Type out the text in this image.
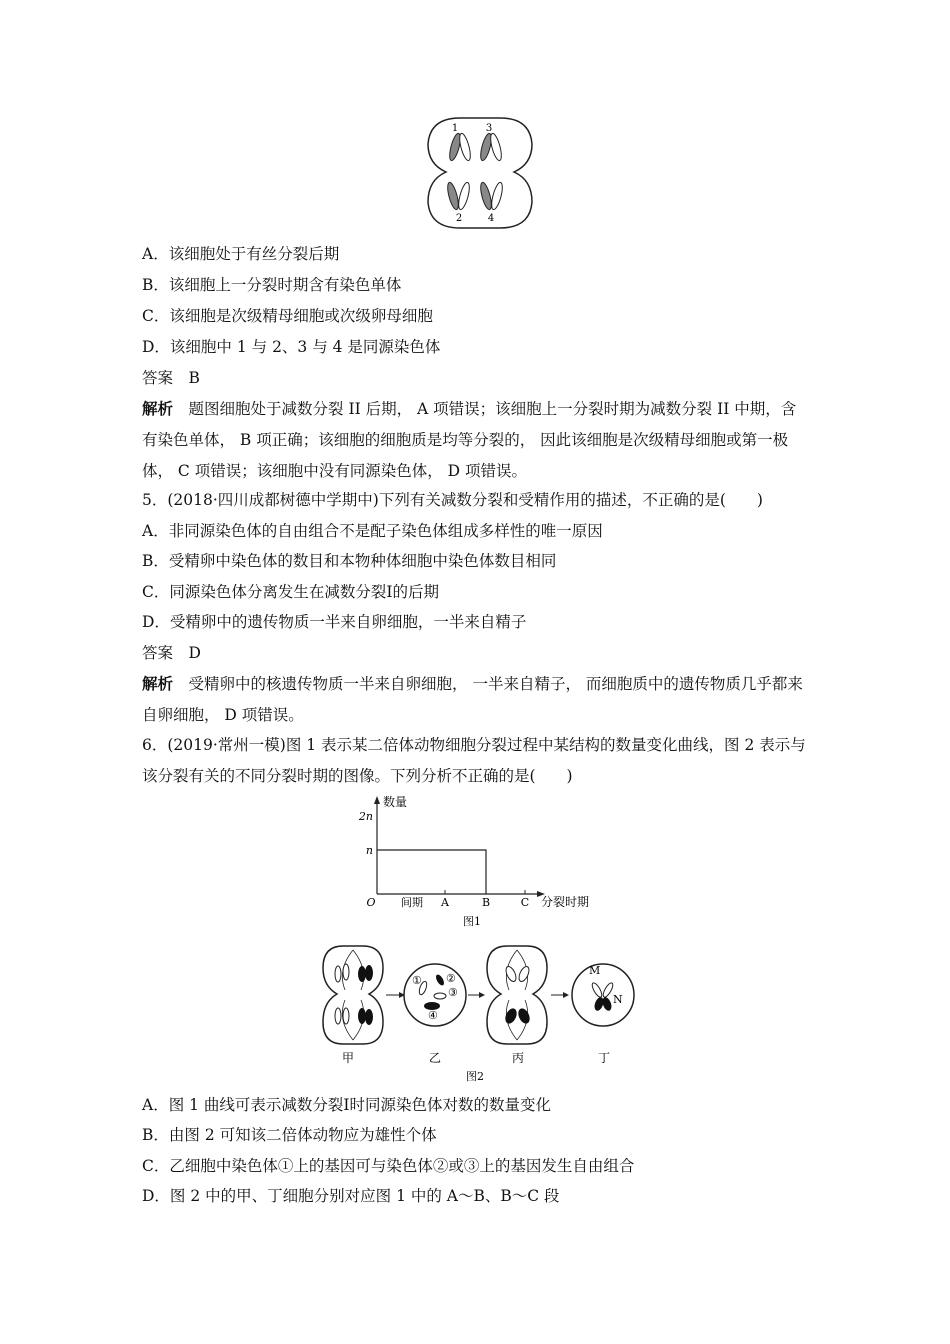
1	3
2	4
A．该细胞处于有丝分裂后期
B．该细胞上一分裂时期含有染色单体
C．该细胞是次级精母细胞或次级卵母细胞
D．该细胞中 1 与 2、3 与 4 是同源染色体
答案　 B
解析　 题图细胞处于减数分裂 II 后期， A 项错误；该细胞上一分裂时期为减数分裂 II 中期，含有染色单体， B 项正确；该细胞的细胞质是均等分裂的， 因此该细胞是次级精母细胞或第一极体， C 项错误；该细胞中没有同源染色体， D 项错误。
5．(2018·四川成都树德中学期中)下列有关减数分裂和受精作用的描述，不正确的是(　　)
A．非同源染色体的自由组合不是配子染色体组成多样性的唯一原因
B．受精卵中染色体的数目和本物种体细胞中染色体数目相同
C．同源染色体分离发生在减数分裂Ⅰ的后期
D．受精卵中的遗传物质一半来自卵细胞，一半来自精子
答案　 D
解析　 受精卵中的核遗传物质一半来自卵细胞， 一半来自精子， 而细胞质中的遗传物质几乎都来自卵细胞， D 项错误。
6．(2019·常州一模)图 1 表示某二倍体动物细胞分裂过程中某结构的数量变化曲线，图 2 表示与该分裂有关的不同分裂时期的图像。下列分析不正确的是(　　)
数量
分裂时期
图1
2n
n
O 间期 A	B	C
甲
① ②
③
④
乙	丙
M
N
丁
图2
A．图 1 曲线可表示减数分裂Ⅰ时同源染色体对数的数量变化
B．由图 2 可知该二倍体动物应为雄性个体
C．乙细胞中染色体①上的基因可与染色体②或③上的基因发生自由组合
D．图 2 中的甲、丁细胞分别对应图 1 中的 A～B、B～C 段
